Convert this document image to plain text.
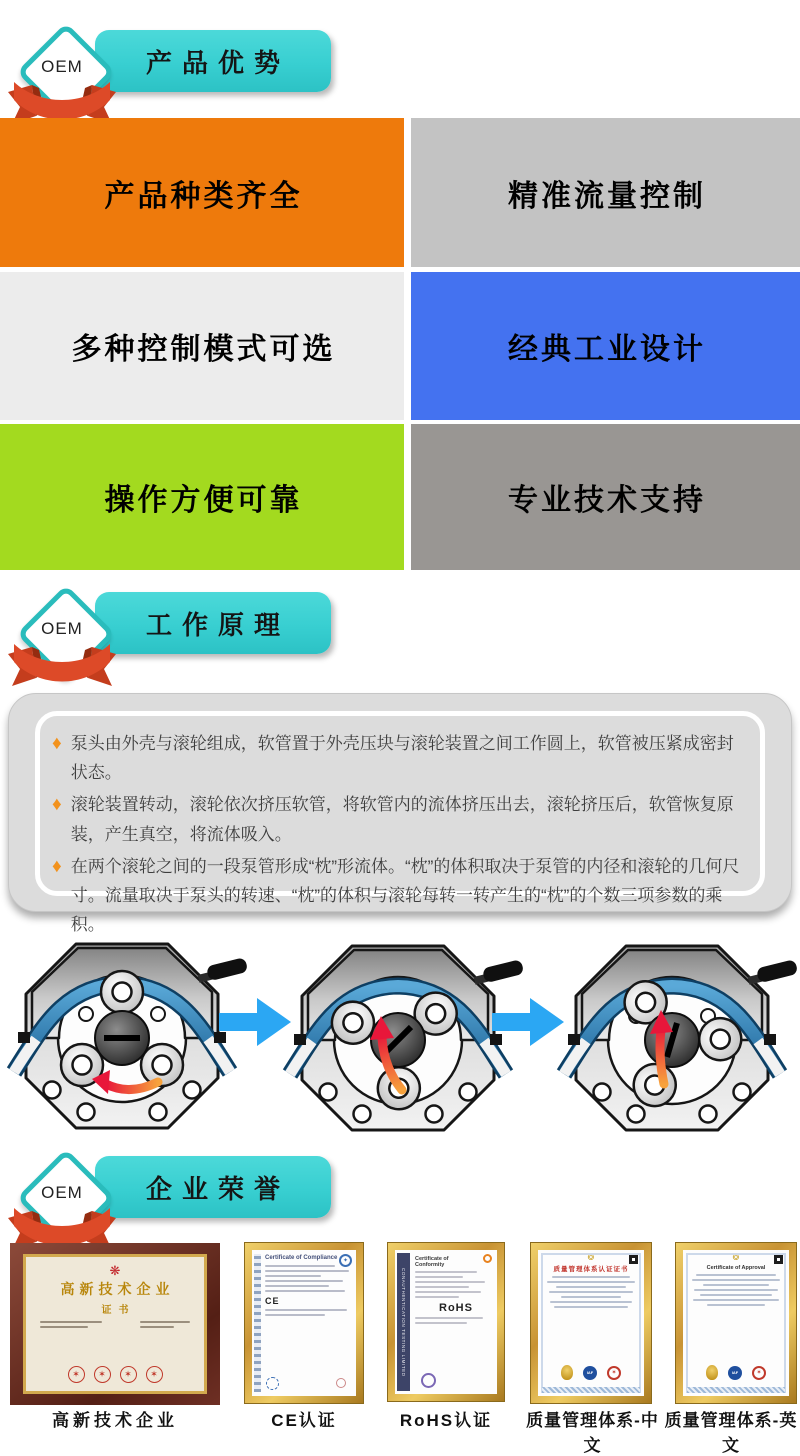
产品优势
OEM
产品种类齐全	精准流量控制
多种控制模式可选	经典工业设计
操作方便可靠	专业技术支持
工作原理
OEM
♦ 泵头由外壳与滚轮组成，软管置于外壳压块与滚轮装置之间工作圆上，软管被压紧成密封状态。
♦ 滚轮装置转动，滚轮依次挤压软管，将软管内的流体挤压出去，滚轮挤压后，软管恢复原装，产生真空，将流体吸入。
♦ 在两个滚轮之间的一段泵管形成“枕”形流体。“枕”的体积取决于泵管的内径和滚轮的几何尺寸。流量取决于泵头的转速、“枕”的体积与滚轮每转一转产生的“枕”的个数三项参数的乘积。
企业荣誉
OEM
❋
高新技术企业
证书
✶	✶	✶	✶
✦
Certificate of Compliance
CE	CONAUTHENTICATION TESTING LIMITED
Certificate of Conformity
RoHS
❂
质量管理体系认证证书
IAF	✶
❂
Certificate of Approval
IAF	✶
高新技术企业	CE认证	RoHS认证	质量管理体系-中文
质量管理体系-英文
